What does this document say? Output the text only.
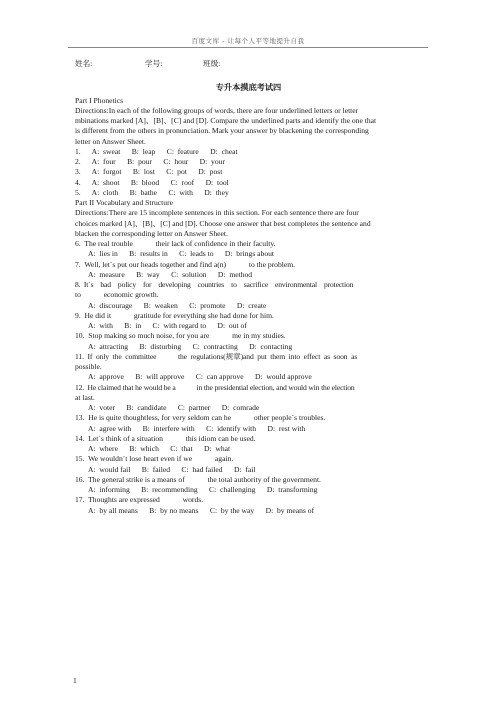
百度文库 - 让每个人平等地提升自我
姓名:	学号:	班级:
专升本摸底考试四
Part I Phonetics
Directions:In each of the following groups of words, there are four underlined letters or letter
mbinations marked [A]、[B]、[C] and [D]. Compare the underlined parts and identify the one that
is different from the others in pronunciation. Mark your answer by blackening the corresponding
letter on Answer Sheet.
1.      A:  sweat      B:  leap      C:  feature      D:  cheat
2.      A:  four      B:  pour      C:  hour      D:  your
3.      A:  forgot      B:  lost      C:  pot      D:  post
4.      A:  shoot      B:  blood      C:  roof      D:  tool
5.      A:  cloth      B:  bathe      C:  with      D:  they
Part II Vocabulary and Structure
Directions:There are 15 incomplete sentences in this section. For each sentence there are four
choices marked [A]、[B]、[C] and [D]. Choose one answer that best completes the sentence and
blacken the corresponding letter on Answer Sheet.
6.  The real trouble            their lack of confidence in their faculty.
A:  lies in      B:  results in      C:  leads to      D:  brings about
7.  Well, let`s put our heads together and find a(n)            to the problem.
A:  measure      B:  way      C:  solution      D:  method
8.  It`s    bad    policy    for    developing    countries    to    sacrifice    environmental    protection
to            economic growth.
A:  discourage      B:  weaken      C:  promote      D:  create
9.  He did it            gratitude for everything she had done for him.
A:  with      B:  in      C:  with regard to      D:  out of
10.  Stop making so much noise, for you are            me in my studies.
A:  attracting      B:  disturbing      C:  contracting      D:  contacting
11.  If  only  the  committee            the  regulations(规章)and  put  them  into  effect  as  soon  as
possible.
A:  approve      B:  will approve      C:  can approve      D:  would approve
12.  He claimed that he would be a            in the presidential election, and would win the election
at last.
A:  voter      B:  candidate      C:  partner      D:  comrade
13.  He is quite thoughtless, for very seldom can he            other people`s troubles.
A:  agree with      B:  interfere with      C:  identify with      D:  rest with
14.  Let`s think of a situation            this idiom can be used.
A:  where      B:  which      C:  that      D:  what
15.  We wouldn`t lose heart even if we            again.
A:  would fail      B:  failed      C:  had failed      D:  fail
16.  The general strike is a means of            the total authority of the government.
A:  informing      B:  recommending      C:  challenging      D:  transforming
17.  Thoughts are expressed            words.
A:  by all means      B:  by no means      C:  by the way      D:  by means of
1
